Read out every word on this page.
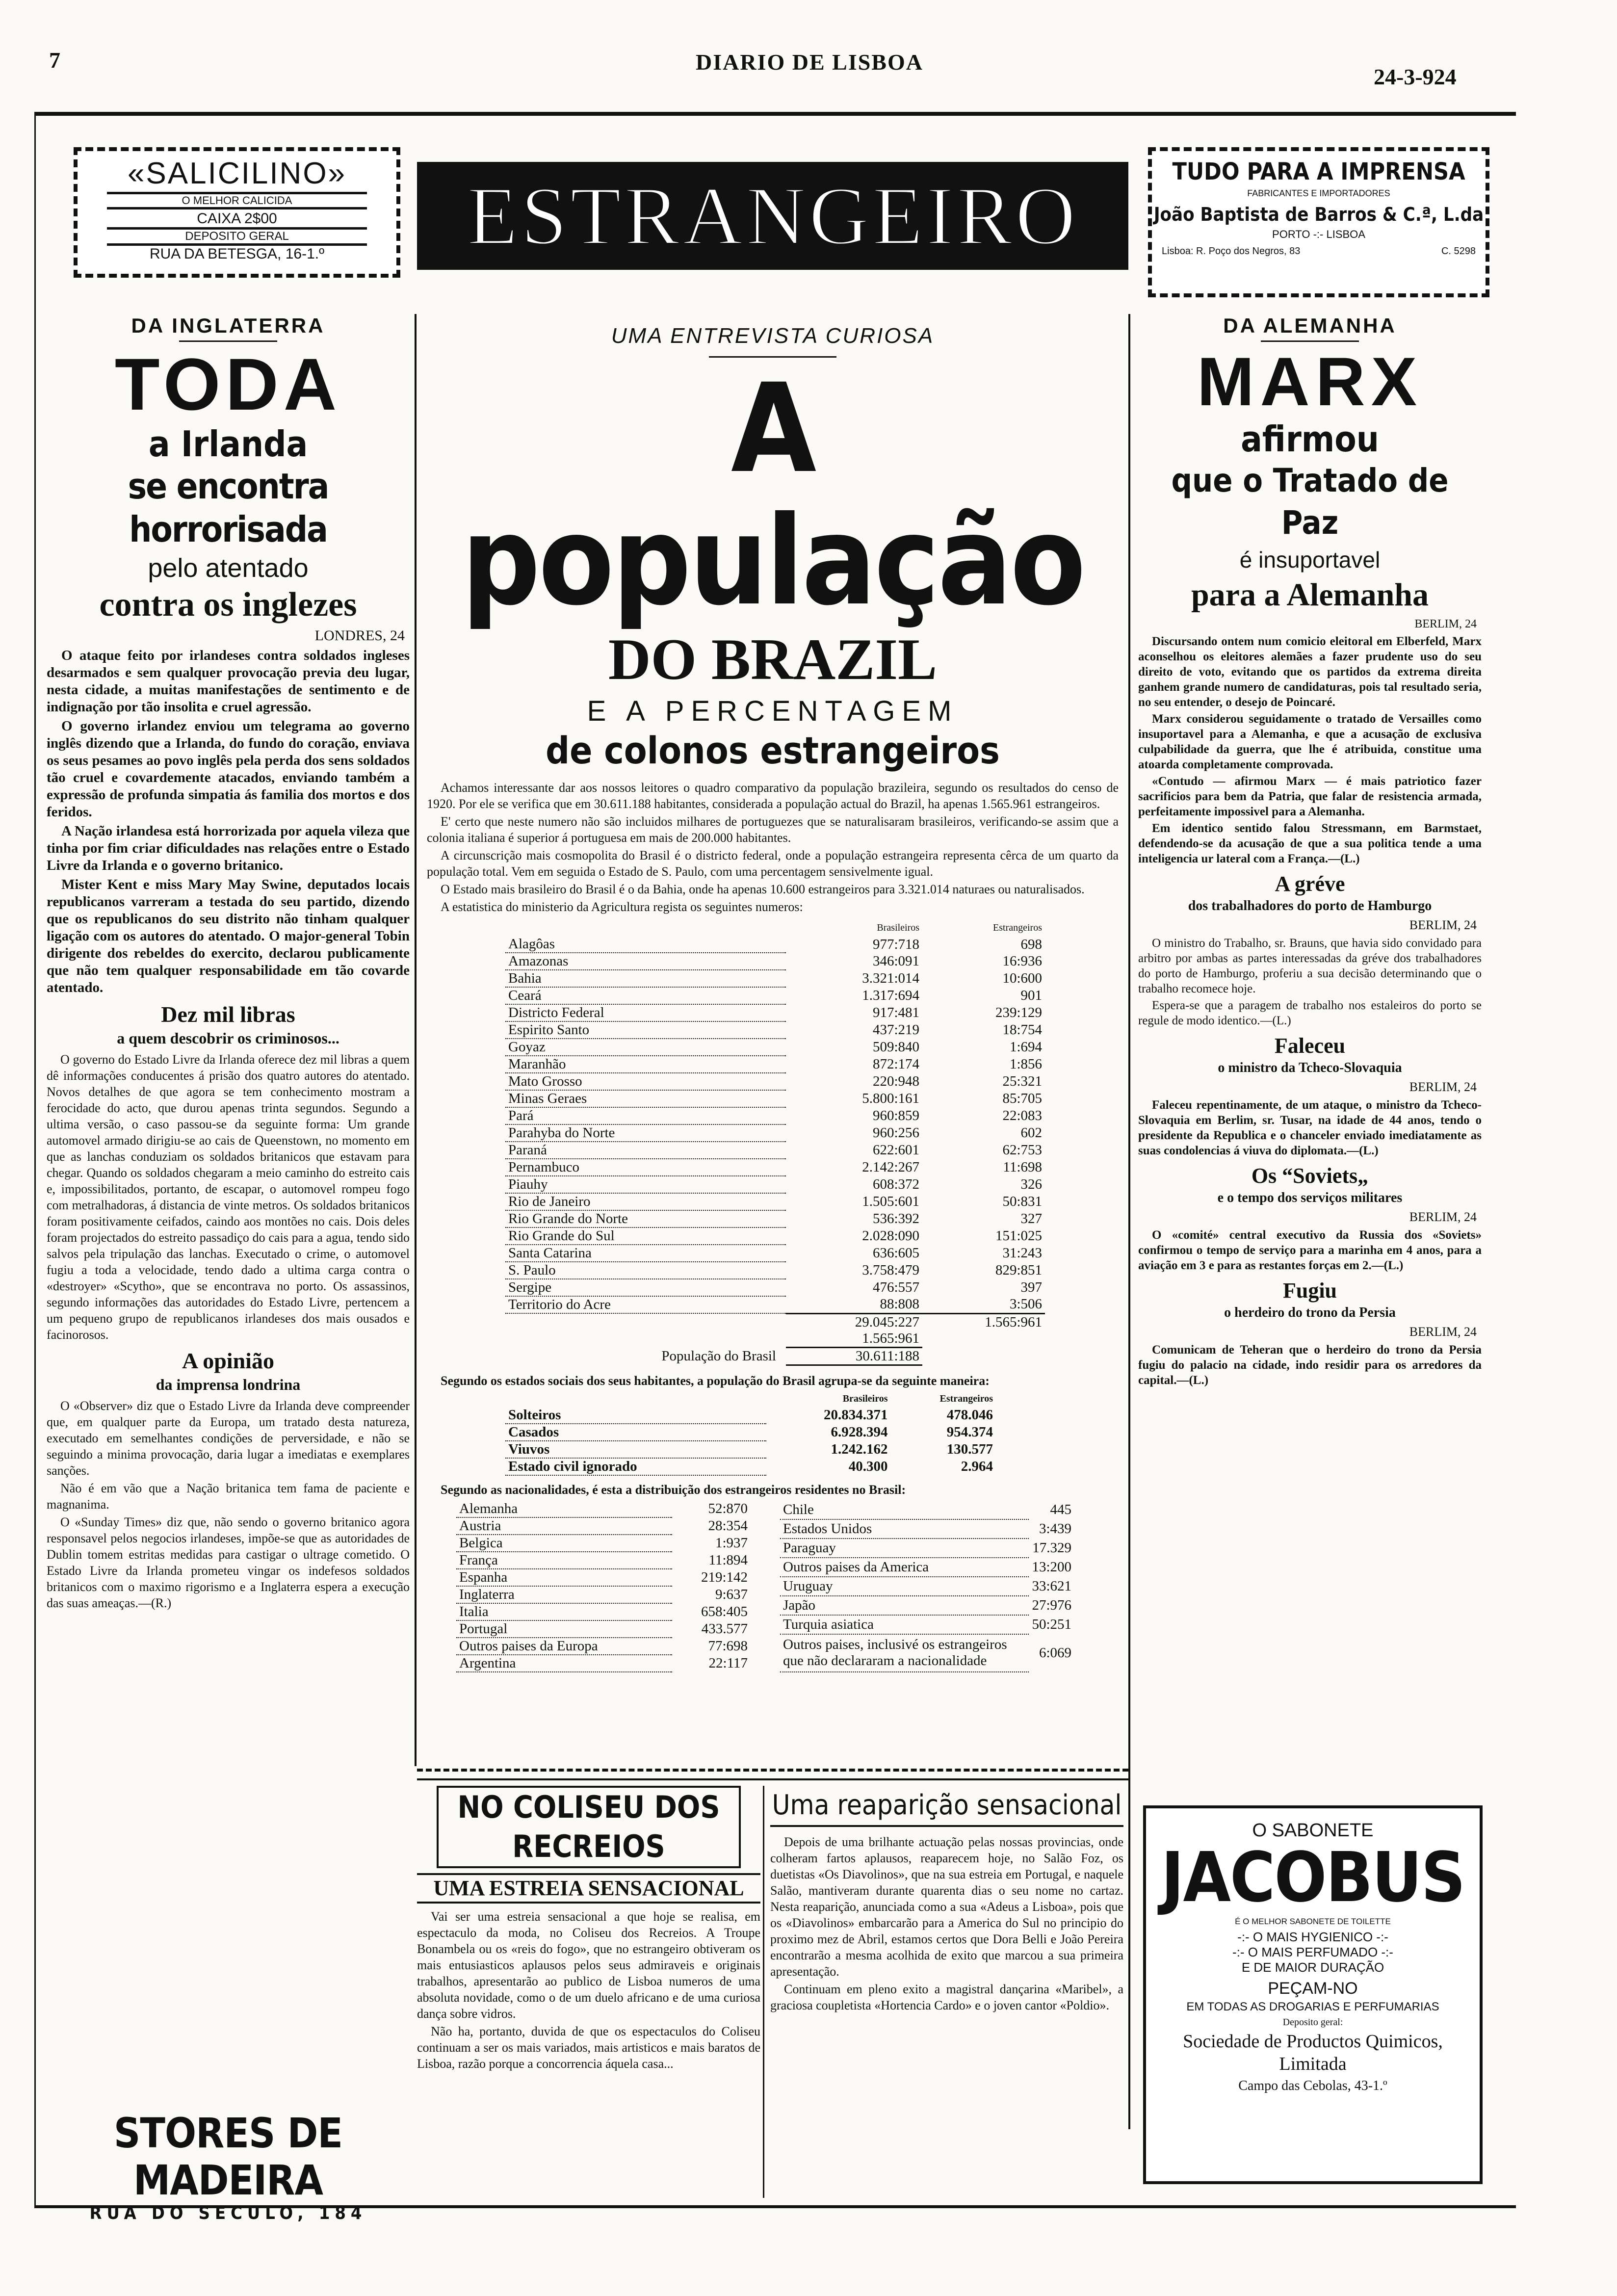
7	DIARIO DE LISBOA
24-3-924
«SALICILINO»
O MELHOR CALICIDA
CAIXA 2$00
DEPOSITO GERAL
RUA DA BETESGA, 16-1.º	ESTRANGEIRO	TUDO PARA A IMPRENSA
FABRICANTES E IMPORTADORES
João Baptista de Barros & C.ª, L.da
PORTO -:- LISBOA
Lisboa: R. Poço dos Negros, 83	C. 5298
DA INGLATERRA
TODA
a Irlanda
se encontra horrorisada
pelo atentado
contra os inglezes
LONDRES, 24

O ataque feito por irlandeses contra soldados ingleses desarmados e sem qualquer provocação previa deu lugar, nesta cidade, a muitas manifestações de sentimento e de indignação por tão insolita e cruel agressão.

O governo irlandez enviou um telegrama ao governo inglês dizendo que a Irlanda, do fundo do coração, enviava os seus pesames ao povo inglês pela perda dos sens soldados tão cruel e covardemente atacados, enviando também a expressão de profunda simpatia ás familia dos mortos e dos feridos.

A Nação irlandesa está horrorizada por aquela vileza que tinha por fim criar dificuldades nas relações entre o Estado Livre da Irlanda e o governo britanico.

Mister Kent e miss Mary May Swine, deputados locais republicanos varreram a testada do seu partido, dizendo que os republicanos do seu distrito não tinham qualquer ligação com os autores do atentado. O major-general Tobin dirigente dos rebeldes do exercito, declarou publicamente que não tem qualquer responsabilidade em tão covarde atentado.

Dez mil libras
a quem descobrir os criminosos...

O governo do Estado Livre da Irlanda oferece dez mil libras a quem dê informações conducentes á prisão dos quatro autores do atentado. Novos detalhes de que agora se tem conhecimento mostram a ferocidade do acto, que durou apenas trinta segundos. Segundo a ultima versão, o caso passou-se da seguinte forma: Um grande automovel armado dirigiu-se ao cais de Queenstown, no momento em que as lanchas conduziam os soldados britanicos que estavam para chegar. Quando os soldados chegaram a meio caminho do estreito cais e, impossibilitados, portanto, de escapar, o automovel rompeu fogo com metralhadoras, á distancia de vinte metros. Os soldados britanicos foram positivamente ceifados, caindo aos montões no cais. Dois deles foram projectados do estreito passadiço do cais para a agua, tendo sido salvos pela tripulação das lanchas. Executado o crime, o automovel fugiu a toda a velocidade, tendo dado a ultima carga contra o «destroyer» «Scytho», que se encontrava no porto. Os assassinos, segundo informações das autoridades do Estado Livre, pertencem a um pequeno grupo de republicanos irlandeses dos mais ousados e facinorosos.

A opinião
da imprensa londrina

O «Observer» diz que o Estado Livre da Irlanda deve compreender que, em qualquer parte da Europa, um tratado desta natureza, executado em semelhantes condições de perversidade, e não se seguindo a minima provocação, daria lugar a imediatas e exemplares sanções.

Não é em vão que a Nação britanica tem fama de paciente e magnanima.

O «Sunday Times» diz que, não sendo o governo britanico agora responsavel pelos negocios irlandeses, impõe-se que as autoridades de Dublin tomem estritas medidas para castigar o ultrage cometido. O Estado Livre da Irlanda prometeu vingar os indefesos soldados britanicos com o maximo rigorismo e a Inglaterra espera a execução das suas ameaças.—(R.)

STORES DE MADEIRA
RUA DO SECULO, 184
UMA ENTREVISTA CURIOSA
A população
DO BRAZIL
E A PERCENTAGEM
de colonos estrangeiros

Achamos interessante dar aos nossos leitores o quadro comparativo da população brazileira, segundo os resultados do censo de 1920. Por ele se verifica que em 30.611.188 habitantes, considerada a população actual do Brazil, ha apenas 1.565.961 estrangeiros.

E' certo que neste numero não são incluidos milhares de portuguezes que se naturalisaram brasileiros, verificando-se assim que a colonia italiana é superior á portuguesa em mais de 200.000 habitantes.

A circunscrição mais cosmopolita do Brasil é o districto federal, onde a população estrangeira representa cêrca de um quarto da população total. Vem em seguida o Estado de S. Paulo, com uma percentagem sensivelmente igual.

O Estado mais brasileiro do Brasil é o da Bahia, onde ha apenas 10.600 estrangeiros para 3.321.014 naturaes ou naturalisados.

A estatistica do ministerio da Agricultura regista os seguintes numeros:

	Brasileiros	Estrangeiros
Alagôas	977:718	698
Amazonas	346:091	16:936
Bahia	3.321:014	10:600
Ceará	1.317:694	901
Districto Federal	917:481	239:129
Espirito Santo	437:219	18:754
Goyaz	509:840	1:694
Maranhão	872:174	1:856
Mato Grosso	220:948	25:321
Minas Geraes	5.800:161	85:705
Pará	960:859	22:083
Parahyba do Norte	960:256	602
Paraná	622:601	62:753
Pernambuco	2.142:267	11:698
Piauhy	608:372	326
Rio de Janeiro	1.505:601	50:831
Rio Grande do Norte	536:392	327
Rio Grande do Sul	2.028:090	151:025
Santa Catarina	636:605	31:243
S. Paulo	3.758:479	829:851
Sergipe	476:557	397
Territorio do Acre	88:808	3:506
	29.045:227	1.565:961
	1.565:961	
População do Brasil	30.611:188	

Segundo os estados sociais dos seus habitantes, a população do Brasil agrupa-se da seguinte maneira:

	Brasileiros	Estrangeiros
Solteiros	20.834.371	478.046
Casados	6.928.394	954.374
Viuvos	1.242.162	130.577
Estado civil ignorado	40.300	2.964

Segundo as nacionalidades, é esta a distribuição dos estrangeiros residentes no Brasil:

Alemanha	52:870
Austria	28:354
Belgica	1:937
França	11:894
Espanha	219:142
Inglaterra	9:637
Italia	658:405
Portugal	433.577
Outros paises da Europa	77:698
Argentina	22:117
Chile	445
Estados Unidos	3:439
Paraguay	17.329
Outros paises da America	13:200
Uruguay	33:621
Japão	27:976
Turquia asiatica	50:251
Outros paises, inclusivé os estrangeiros que não declararam a nacionalidade	6:069
NO COLISEU DOS RECREIOS
UMA ESTREIA SENSACIONAL

Vai ser uma estreia sensacional a que hoje se realisa, em espectaculo da moda, no Coliseu dos Recreios. A Troupe Bonambela ou os «reis do fogo», que no estrangeiro obtiveram os mais entusiasticos aplausos pelos seus admiraveis e originais trabalhos, apresentarão ao publico de Lisboa numeros de uma absoluta novidade, como o de um duelo africano e de uma curiosa dança sobre vidros.

Não ha, portanto, duvida de que os espectaculos do Coliseu continuam a ser os mais variados, mais artisticos e mais baratos de Lisboa, razão porque a concorrencia áquela casa...

Uma reaparição sensacional

Depois de uma brilhante actuação pelas nossas provincias, onde colheram fartos aplausos, reaparecem hoje, no Salão Foz, os duetistas «Os Diavolinos», que na sua estreia em Portugal, e naquele Salão, mantiveram durante quarenta dias o seu nome no cartaz. Nesta reaparição, anunciada como a sua «Adeus a Lisboa», pois que os «Diavolinos» embarcarão para a America do Sul no principio do proximo mez de Abril, estamos certos que Dora Belli e João Pereira encontrarão a mesma acolhida de exito que marcou a sua primeira apresentação.

Continuam em pleno exito a magistral dançarina «Maribel», a graciosa coupletista «Hortencia Cardo» e o joven cantor «Poldio».

DA ALEMANHA
MARX
afirmou
que o Tratado de Paz
é insuportavel
para a Alemanha
BERLIM, 24

Discursando ontem num comicio eleitoral em Elberfeld, Marx aconselhou os eleitores alemães a fazer prudente uso do seu direito de voto, evitando que os partidos da extrema direita ganhem grande numero de candidaturas, pois tal resultado seria, no seu entender, o desejo de Poincaré.

Marx considerou seguidamente o tratado de Versailles como insuportavel para a Alemanha, e que a acusação de exclusiva culpabilidade da guerra, que lhe é atribuida, constitue uma atoarda completamente comprovada.

«Contudo — afirmou Marx — é mais patriotico fazer sacrificios para bem da Patria, que falar de resistencia armada, perfeitamente impossivel para a Alemanha.

Em identico sentido falou Stressmann, em Barmstaet, defendendo-se da acusação de que a sua politica tende a uma inteligencia ur lateral com a França.—(L.)

A gréve
dos trabalhadores do porto de Hamburgo
BERLIM, 24

O ministro do Trabalho, sr. Brauns, que havia sido convidado para arbitro por ambas as partes interessadas da gréve dos trabalhadores do porto de Hamburgo, proferiu a sua decisão determinando que o trabalho recomece hoje.

Espera-se que a paragem de trabalho nos estaleiros do porto se regule de modo identico.—(L.)

Faleceu
o ministro da Tcheco-Slovaquia
BERLIM, 24

Faleceu repentinamente, de um ataque, o ministro da Tcheco-Slovaquia em Berlim, sr. Tusar, na idade de 44 anos, tendo o presidente da Republica e o chanceler enviado imediatamente as suas condolencias á viuva do diplomata.—(L.)

Os “Soviets„
e o tempo dos serviços militares
BERLIM, 24

O «comité» central executivo da Russia dos «Soviets» confirmou o tempo de serviço para a marinha em 4 anos, para a aviação em 3 e para as restantes forças em 2.—(L.)

Fugiu
o herdeiro do trono da Persia
BERLIM, 24

Comunicam de Teheran que o herdeiro do trono da Persia fugiu do palacio na cidade, indo residir para os arredores da capital.—(L.)

O SABONETE
JACOBUS
É O MELHOR SABONETE DE TOILETTE
-:- O MAIS HYGIENICO -:-
-:- O MAIS PERFUMADO -:-
E DE MAIOR DURAÇÃO
PEÇAM-NO
EM TODAS AS DROGARIAS E PERFUMARIAS
Deposito geral:
Sociedade de Productos Quimicos, Limitada
Campo das Cebolas, 43-1.º
